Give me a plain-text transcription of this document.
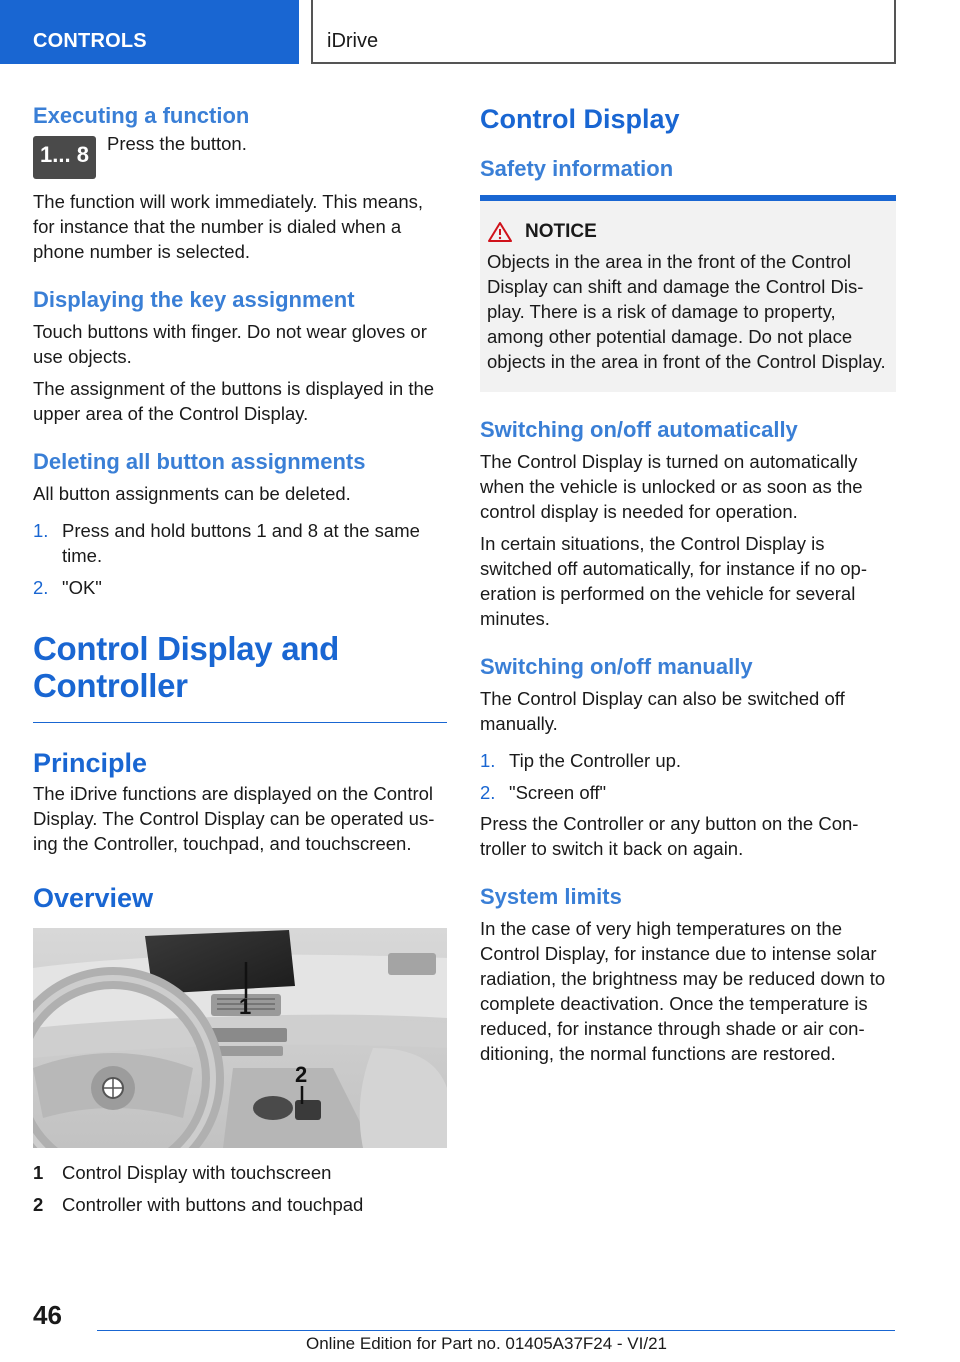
CONTROLS	iDrive
Executing a function
1... 8 Press the button.

The function will work immediately. This means, for instance that the number is dialed when a phone number is selected.

Displaying the key assignment

Touch buttons with finger. Do not wear gloves or use objects.

The assignment of the buttons is displayed in the upper area of the Control Display.

Deleting all button assignments

All button assignments can be deleted.

1. Press and hold buttons 1 and 8 at the same time.
2. "OK"
Control Display and
Controller
Principle

The iDrive functions are displayed on the Control Display. The Control Display can be operated using the Controller, touchpad, and touchscreen.

Overview
1
2
1	Control Display with touchscreen
2	Controller with buttons and touchpad
Control Display
Safety information
NOTICE

Objects in the area in the front of the Control Display can shift and damage the Control Display. There is a risk of damage to property, among other potential damage. Do not place objects in the area in front of the Control Display.

Switching on/off automatically

The Control Display is turned on automatically when the vehicle is unlocked or as soon as the control display is needed for operation.

In certain situations, the Control Display is switched off automatically, for instance if no operation is performed on the vehicle for several minutes.

Switching on/off manually

The Control Display can also be switched off manually.

1. Tip the Controller up.
2. "Screen off"

Press the Controller or any button on the Controller to switch it back on again.

System limits

In the case of very high temperatures on the Control Display, for instance due to intense solar radiation, the brightness may be reduced down to complete deactivation. Once the temperature is reduced, for instance through shade or air conditioning, the normal functions are restored.

46
Online Edition for Part no. 01405A37F24 - VI/21
